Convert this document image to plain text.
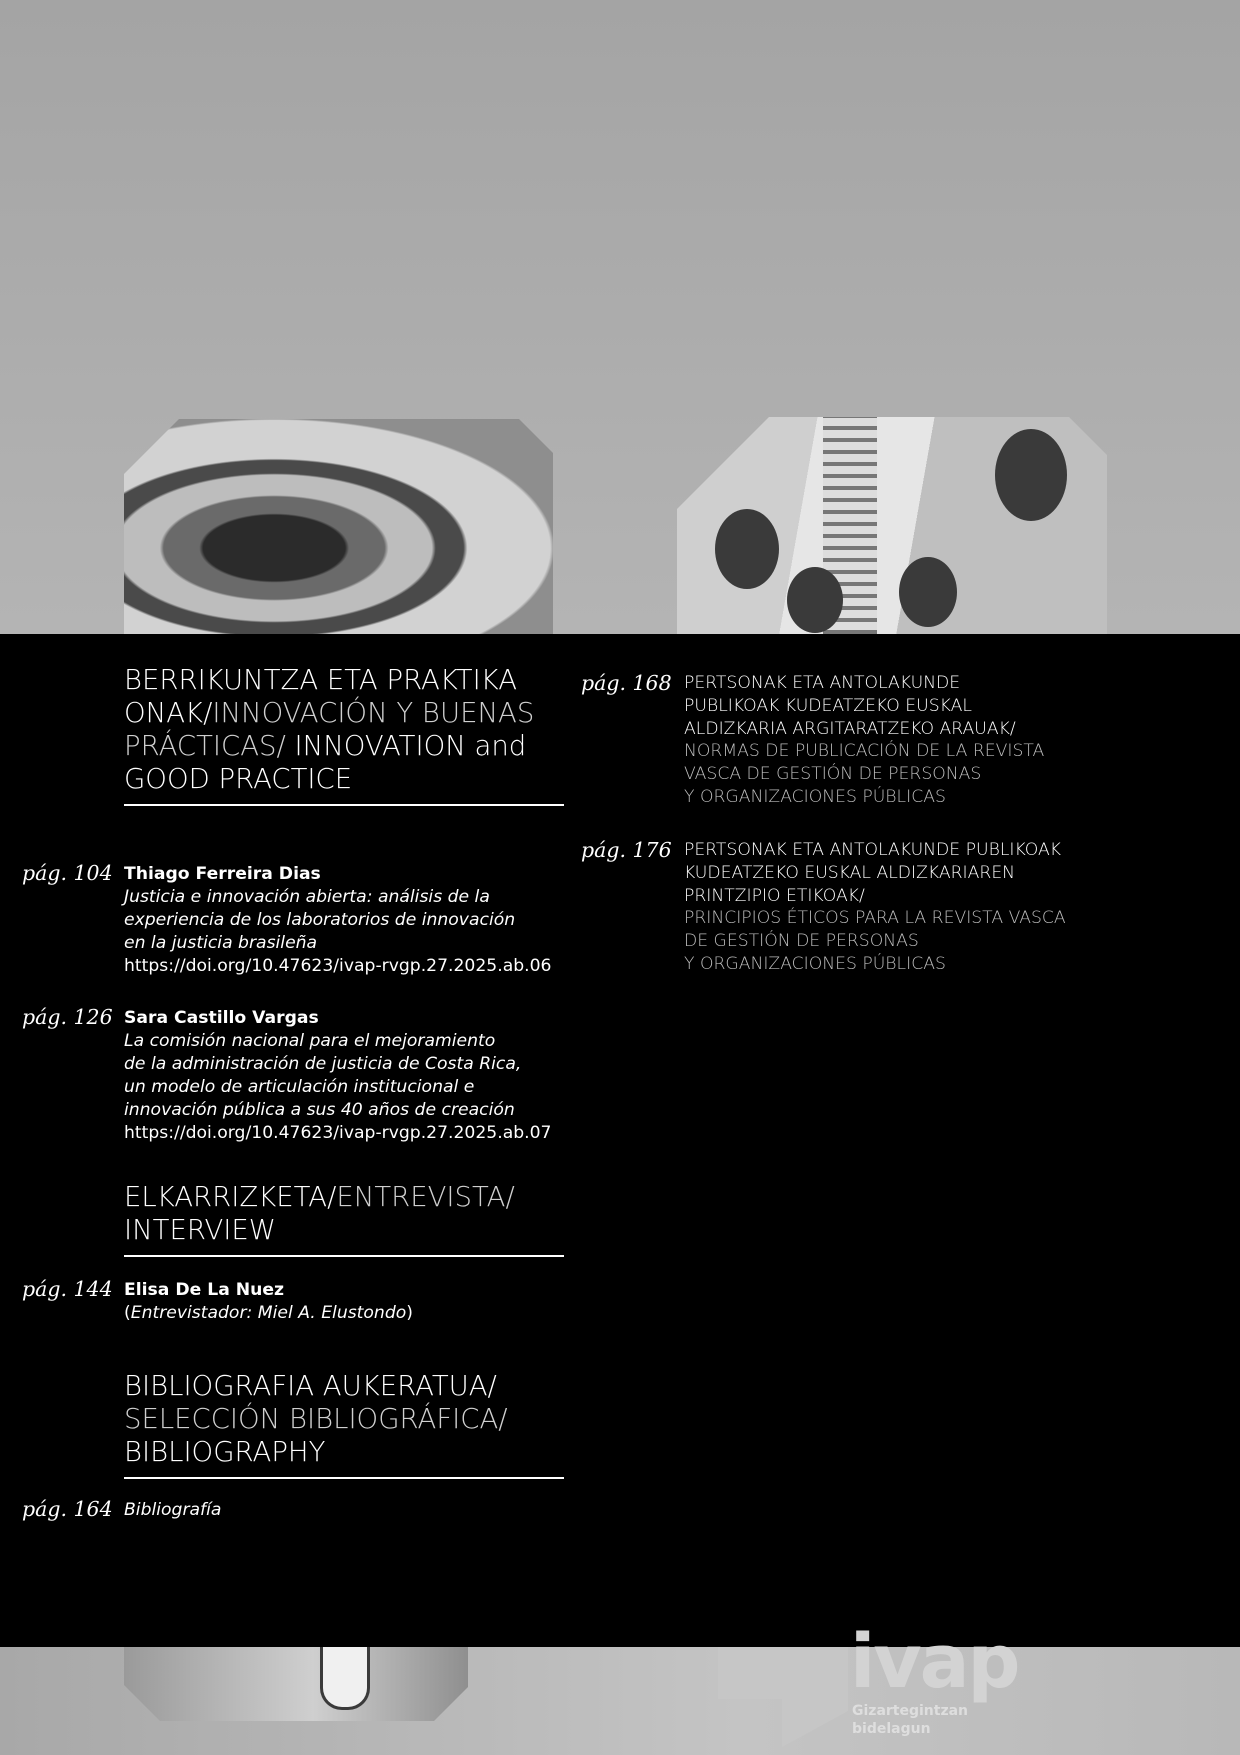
BERRIKUNTZA ETA PRAKTIKA ONAK/INNOVACIÓN Y BUENAS PRÁCTICAS/ INNOVATION and GOOD PRACTICE
pág. 104 Thiago Ferreira Dias
Justicia e innovación abierta: análisis de la
experiencia de los laboratorios de innovación
en la justicia brasileña
https://doi.org/10.47623/ivap-rvgp.27.2025.ab.06
pág. 126 Sara Castillo Vargas
La comisión nacional para el mejoramiento
de la administración de justicia de Costa Rica,
un modelo de articulación institucional e
innovación pública a sus 40 años de creación
https://doi.org/10.47623/ivap-rvgp.27.2025.ab.07
ELKARRIZKETA/ENTREVISTA/
INTERVIEW
pág. 144 Elisa De La Nuez
(Entrevistador: Miel A. Elustondo)
BIBLIOGRAFIA AUKERATUA/
SELECCIÓN BIBLIOGRÁFICA/
BIBLIOGRAPHY
pág. 164 Bibliografía
pág. 168 PERTSONAK ETA ANTOLAKUNDE
PUBLIKOAK KUDEATZEKO EUSKAL
ALDIZKARIA ARGITARATZEKO ARAUAK/
NORMAS DE PUBLICACIÓN DE LA REVISTA
VASCA DE GESTIÓN DE PERSONAS
Y ORGANIZACIONES PÚBLICAS
pág. 176 PERTSONAK ETA ANTOLAKUNDE PUBLIKOAK
KUDEATZEKO EUSKAL ALDIZKARIAREN
PRINTZIPIO ETIKOAK/
PRINCIPIOS ÉTICOS PARA LA REVISTA VASCA
DE GESTIÓN DE PERSONAS
Y ORGANIZACIONES PÚBLICAS
ivap
Gizartegintzan
bidelagun
